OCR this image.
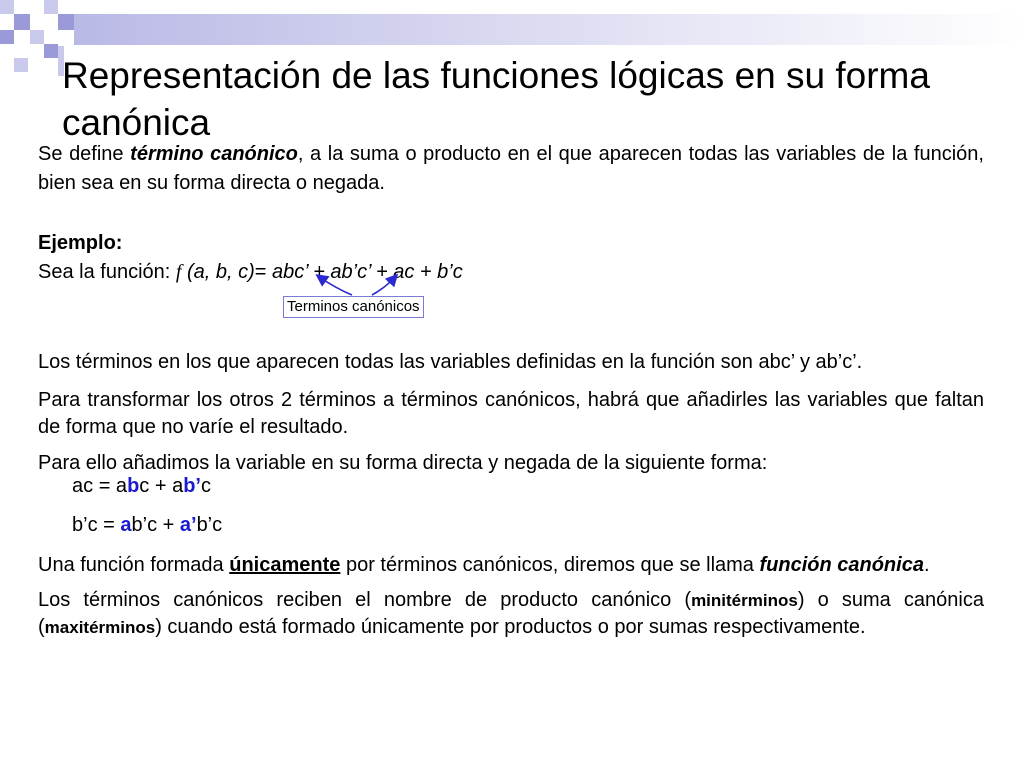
Representación de las funciones lógicas en su forma canónica

Se define término canónico, a la suma o producto en el que aparecen todas las variables de la función, bien sea en su forma directa o negada.

Ejemplo:

Sea la función: f (a, b, c)= abc’ + ab’c’ + ac + b’c

Los términos en los que aparecen todas las variables definidas en la función son abc’ y ab’c’.

Para transformar los otros 2 términos a términos canónicos, habrá que añadirles las variables que faltan de forma que no varíe el resultado.

Para ello añadimos la variable en su forma directa y negada de la siguiente forma:

ac = abc + ab’c
b’c = ab’c + a’b’c

Una función formada únicamente por términos canónicos, diremos que se llama función canónica.

Los términos canónicos reciben el nombre de producto canónico (minitérminos) o suma canónica (maxitérminos) cuando está formado únicamente por productos o por sumas respectivamente.

Terminos canónicos
